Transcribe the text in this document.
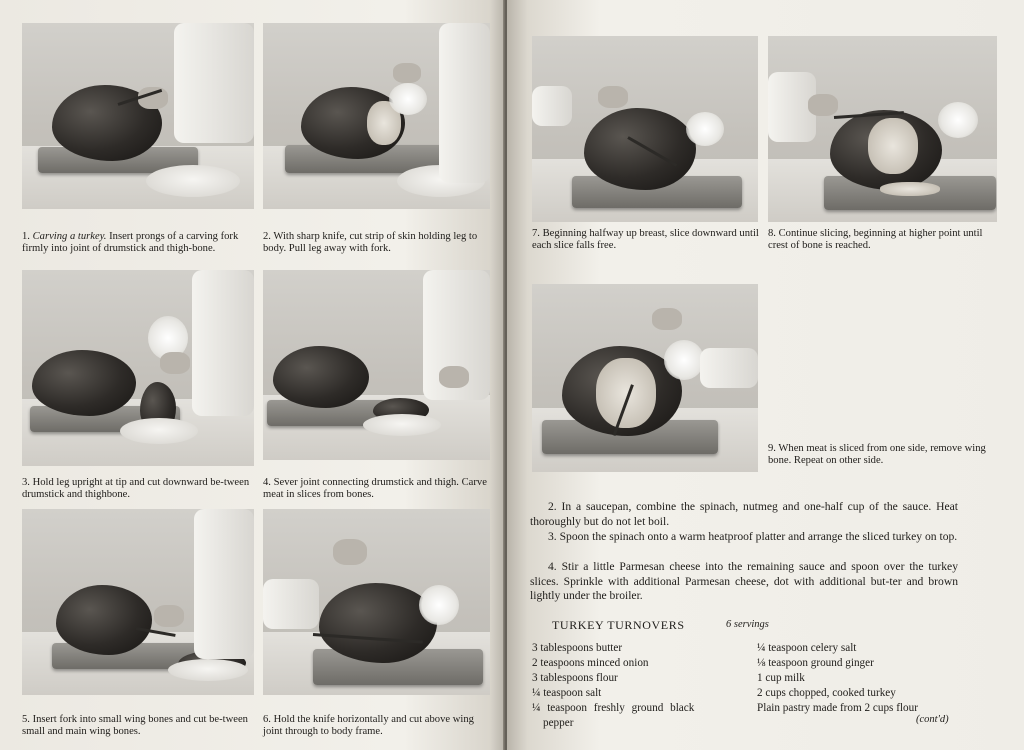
1. Carving a turkey. Insert prongs of a carving fork firmly into joint of drumstick and thigh-bone.

2. With sharp knife, cut strip of skin holding leg to body. Pull leg away with fork.

3. Hold leg upright at tip and cut downward be-tween drumstick and thighbone.

4. Sever joint connecting drumstick and thigh. Carve meat in slices from bones.

5. Insert fork into small wing bones and cut be-tween small and main wing bones.

6. Hold the knife horizontally and cut above wing joint through to body frame.

7. Beginning halfway up breast, slice downward until each slice falls free.

8. Continue slicing, beginning at higher point until crest of bone is reached.

9. When meat is sliced from one side, remove wing bone. Repeat on other side.

2. In a saucepan, combine the spinach, nutmeg and one-half cup of the sauce. Heat thoroughly but do not let boil.

3. Spoon the spinach onto a warm heatproof platter and arrange the sliced turkey on top.

4. Stir a little Parmesan cheese into the remaining sauce and spoon over the turkey slices. Sprinkle with additional Parmesan cheese, dot with additional but-ter and brown lightly under the broiler.

TURKEY TURNOVERS	6 servings

3 tablespoons butter

2 teaspoons minced onion

3 tablespoons flour

¼ teaspoon salt

¼ teaspoon freshly ground black

pepper

¼ teaspoon celery salt

⅛ teaspoon ground ginger

1 cup milk

2 cups chopped, cooked turkey

Plain pastry made from 2 cups flour

(cont'd)
